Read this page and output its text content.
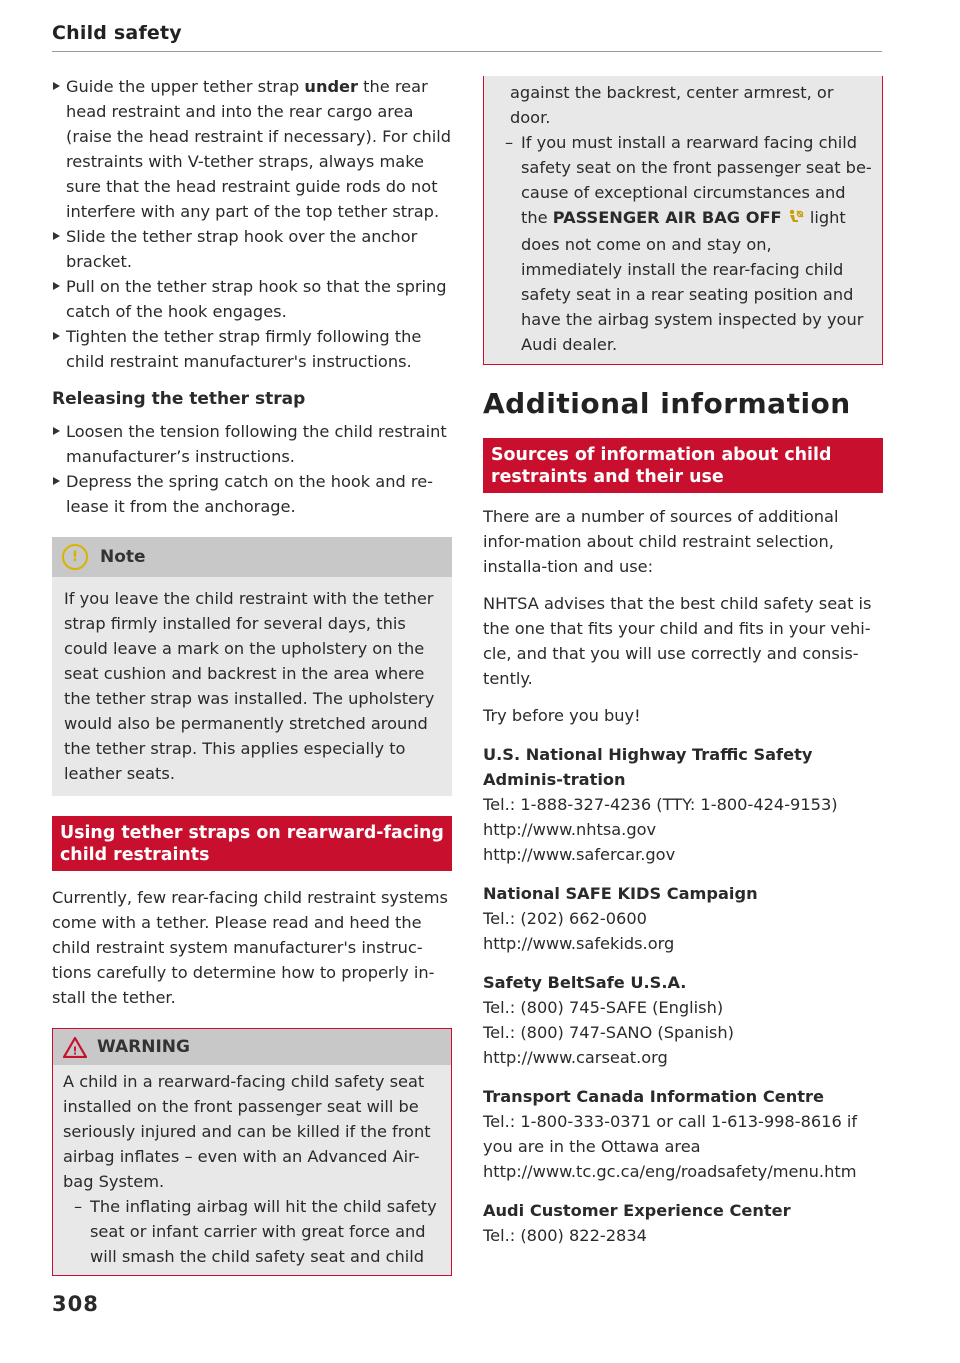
Child safety

Guide the upper tether strap under the rear head restraint and into the rear cargo area (raise the head restraint if necessary). For child restraints with V-tether straps, always make sure that the head restraint guide rods do not interfere with any part of the top tether strap.

Slide the tether strap hook over the anchor bracket.

Pull on the tether strap hook so that the spring catch of the hook engages.

Tighten the tether strap firmly following the child restraint manufacturer's instructions.

Releasing the tether strap

Loosen the tension following the child restraint manufacturer’s instructions.

Depress the spring catch on the hook and re-lease it from the anchorage.

!	Note

If you leave the child restraint with the tether strap firmly installed for several days, this could leave a mark on the upholstery on the seat cushion and backrest in the area where the tether strap was installed. The upholstery would also be permanently stretched around the tether strap. This applies especially to leather seats.

Using tether straps on rearward-facing child restraints

Currently, few rear-facing child restraint systems come with a tether. Please read and heed the child restraint system manufacturer's instruc-tions carefully to determine how to properly in-stall the tether.

! WARNING

A child in a rearward-facing child safety seat installed on the front passenger seat will be seriously injured and can be killed if the front airbag inflates – even with an Advanced Air-bag System.

– The inflating airbag will hit the child safety seat or infant carrier with great force and will smash the child safety seat and child

308

against the backrest, center armrest, or door.

– If you must install a rearward facing child safety seat on the front passenger seat be-cause of exceptional circumstances and the PASSENGER AIR BAG OFF  light does not come on and stay on, immediately install the rear-facing child safety seat in a rear seating position and have the airbag system inspected by your Audi dealer.

Additional information

Sources of information about child restraints and their use

There are a number of sources of additional infor-mation about child restraint selection, installa-tion and use:

NHTSA advises that the best child safety seat is the one that fits your child and fits in your vehi-cle, and that you will use correctly and consis-tently.

Try before you buy!

U.S. National Highway Traffic Safety Adminis-tration

Tel.: 1-888-327-4236 (TTY: 1-800-424-9153)

http://www.nhtsa.gov

http://www.safercar.gov

National SAFE KIDS Campaign

Tel.: (202) 662-0600

http://www.safekids.org

Safety BeltSafe U.S.A.

Tel.: (800) 745-SAFE (English)

Tel.: (800) 747-SANO (Spanish)

http://www.carseat.org

Transport Canada Information Centre

Tel.: 1-800-333-0371 or call 1-613-998-8616 if you are in the Ottawa area

http://www.tc.gc.ca/eng/roadsafety/menu.htm

Audi Customer Experience Center

Tel.: (800) 822-2834
